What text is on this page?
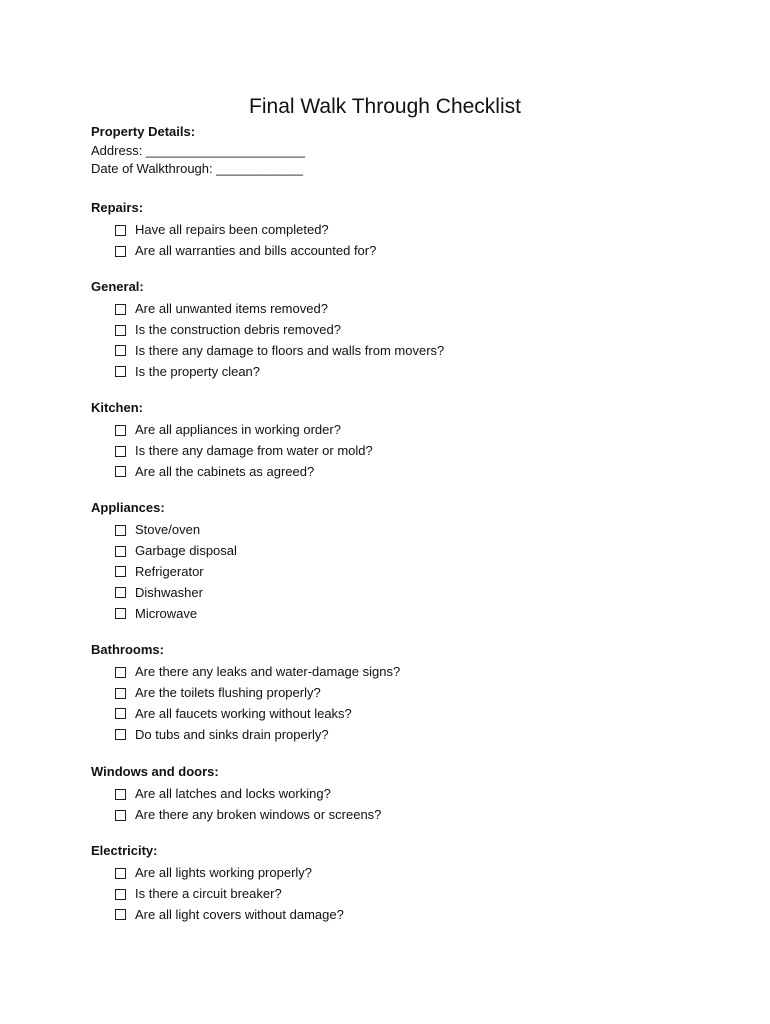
Final Walk Through Checklist
Property Details:
Address: ______________________
Date of Walkthrough: ____________
Repairs:
Have all repairs been completed?
Are all warranties and bills accounted for?
General:
Are all unwanted items removed?
Is the construction debris removed?
Is there any damage to floors and walls from movers?
Is the property clean?
Kitchen:
Are all appliances in working order?
Is there any damage from water or mold?
Are all the cabinets as agreed?
Appliances:
Stove/oven
Garbage disposal
Refrigerator
Dishwasher
Microwave
Bathrooms:
Are there any leaks and water-damage signs?
Are the toilets flushing properly?
Are all faucets working without leaks?
Do tubs and sinks drain properly?
Windows and doors:
Are all latches and locks working?
Are there any broken windows or screens?
Electricity:
Are all lights working properly?
Is there a circuit breaker?
Are all light covers without damage?
